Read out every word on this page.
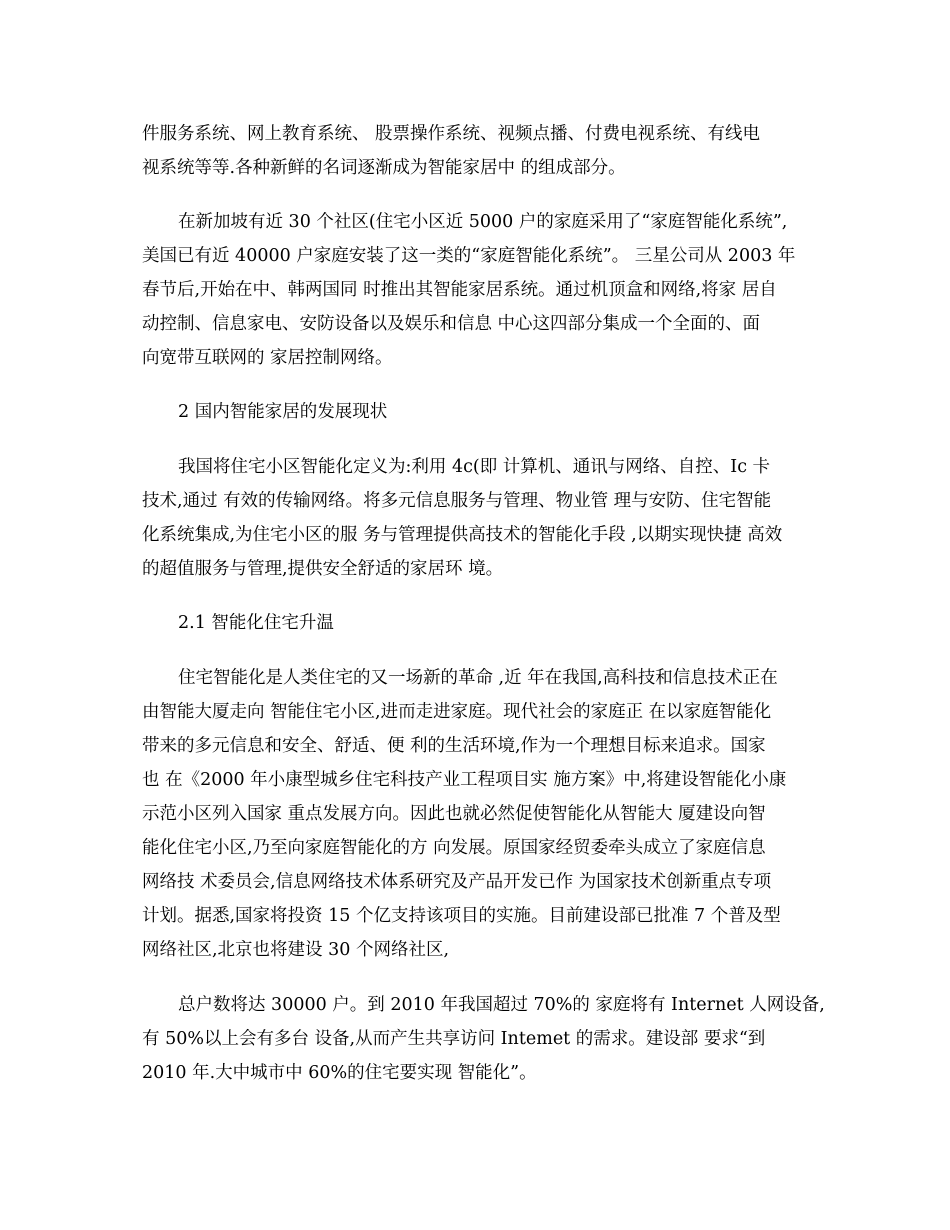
件服务系统、网上教育系统、 股票操作系统、视频点播、付费电视系统、有线电
视系统等等.各种新鲜的名词逐渐成为智能家居中 的组成部分。
在新加坡有近 30 个社区(住宅小区近 5000 户的家庭采用了“家庭智能化系统”,
美国已有近 40000 户家庭安装了这一类的“家庭智能化系统”。 三星公司从 2003 年
春节后,开始在中、韩两国同 时推出其智能家居系统。通过机顶盒和网络,将家 居自
动控制、信息家电、安防设备以及娱乐和信息 中心这四部分集成一个全面的、面
向宽带互联网的 家居控制网络。
2 国内智能家居的发展现状
我国将住宅小区智能化定义为:利用 4c(即 计算机、通讯与网络、自控、Ic 卡
技术,通过 有效的传输网络。将多元信息服务与管理、物业管 理与安防、住宅智能
化系统集成,为住宅小区的服 务与管理提供高技术的智能化手段 ,以期实现快捷 高效
的超值服务与管理,提供安全舒适的家居环 境。
2.1 智能化住宅升温
住宅智能化是人类住宅的又一场新的革命 ,近 年在我国,高科技和信息技术正在
由智能大厦走向 智能住宅小区,进而走进家庭。现代社会的家庭正 在以家庭智能化
带来的多元信息和安全、舒适、便 利的生活环境,作为一个理想目标来追求。国家
也 在《2000 年小康型城乡住宅科技产业工程项目实 施方案》中,将建设智能化小康
示范小区列入国家 重点发展方向。因此也就必然促使智能化从智能大 厦建设向智
能化住宅小区,乃至向家庭智能化的方 向发展。原国家经贸委牵头成立了家庭信息
网络技 术委员会,信息网络技术体系研究及产品开发已作 为国家技术创新重点专项
计划。据悉,国家将投资 15 个亿支持该项目的实施。目前建设部已批准 7 个普及型
网络社区,北京也将建设 30 个网络社区,
总户数将达 30000 户。到 2010 年我国超过 70%的 家庭将有 Internet 人网设备,
有 50%以上会有多台 设备,从而产生共享访问 Intemet 的需求。建设部 要求“到
2010 年.大中城市中 60%的住宅要实现 智能化”。
